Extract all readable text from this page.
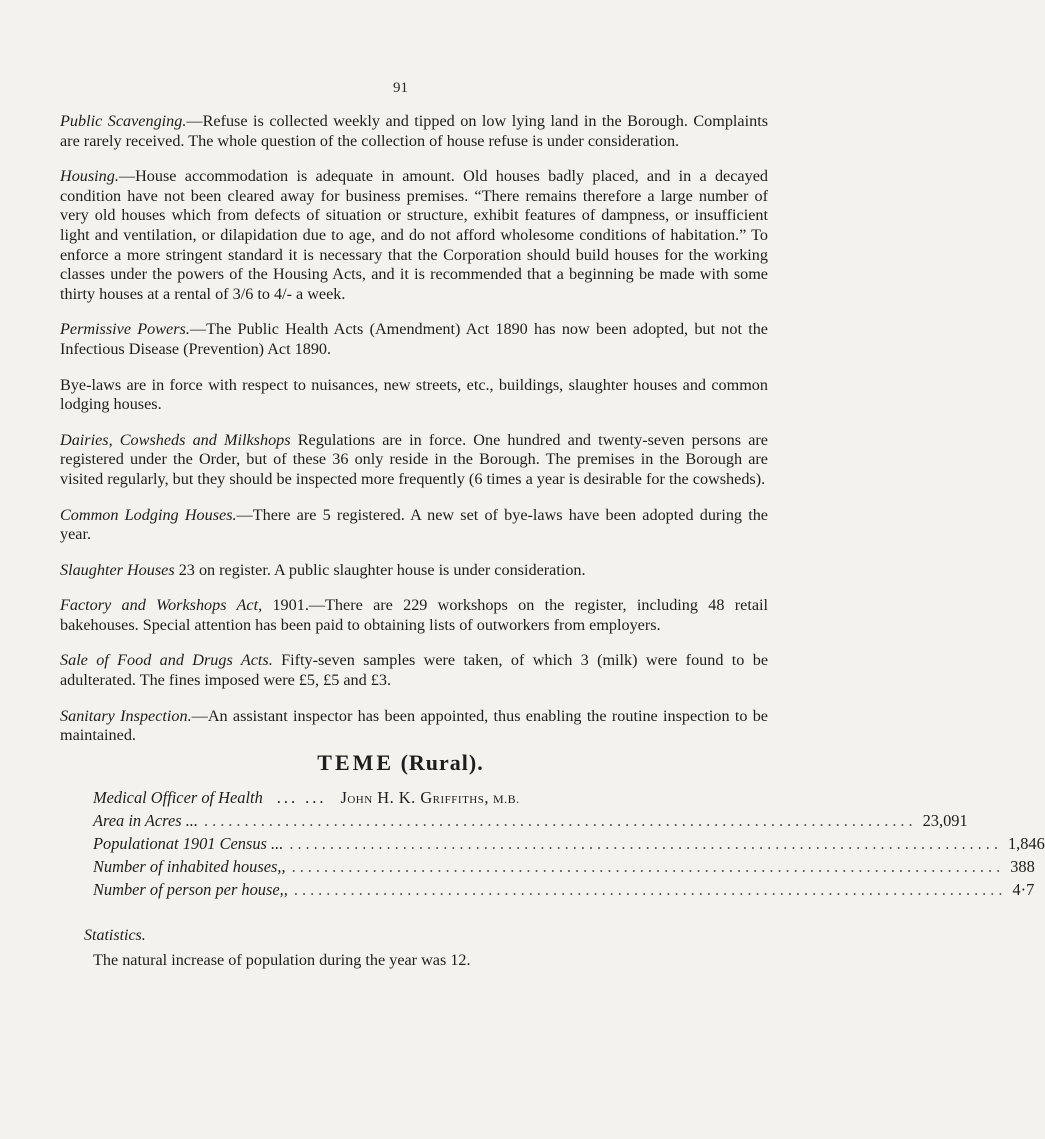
91

Public Scavenging.—Refuse is collected weekly and tipped on low lying land in the Borough. Complaints are rarely received. The whole question of the collection of house refuse is under consideration.

Housing.—House accommodation is adequate in amount. Old houses badly placed, and in a decayed condition have not been cleared away for business premises. “There remains therefore a large number of very old houses which from defects of situation or structure, exhibit features of dampness, or insufficient light and ventilation, or dilapidation due to age, and do not afford wholesome conditions of habitation.” To enforce a more stringent standard it is necessary that the Corporation should build houses for the working classes under the powers of the Housing Acts, and it is recommended that a beginning be made with some thirty houses at a rental of 3/6 to 4/- a week.

Permissive Powers.—The Public Health Acts (Amendment) Act 1890 has now been adopted, but not the Infectious Disease (Prevention) Act 1890.

Bye-laws are in force with respect to nuisances, new streets, etc., buildings, slaughter houses and common lodging houses.

Dairies, Cowsheds and Milkshops Regulations are in force. One hundred and twenty-seven persons are registered under the Order, but of these 36 only reside in the Borough. The premises in the Borough are visited regularly, but they should be inspected more frequently (6 times a year is desirable for the cowsheds).

Common Lodging Houses.—There are 5 registered. A new set of bye-laws have been adopted during the year.

Slaughter Houses 23 on register. A public slaughter house is under consideration.

Factory and Workshops Act, 1901.—There are 229 workshops on the register, including 48 retail bakehouses. Special attention has been paid to obtaining lists of outworkers from employers.

Sale of Food and Drugs Acts. Fifty-seven samples were taken, of which 3 (milk) were found to be adulterated. The fines imposed were £5, £5 and £3.

Sanitary Inspection.—An assistant inspector has been appointed, thus enabling the routine inspection to be maintained.

TEME (Rural).
Medical Officer of Health ... ... John H. K. Griffiths, M.B.
Area in Acres ... ........................................................................................ 23,091
Population at 1901 Census ... ........................................................................................ 1,846
Number of inhabited houses ,, ........................................................................................ 388
Number of person per house ,, ........................................................................................ 4·7
Statistics.
The natural increase of population during the year was 12.
